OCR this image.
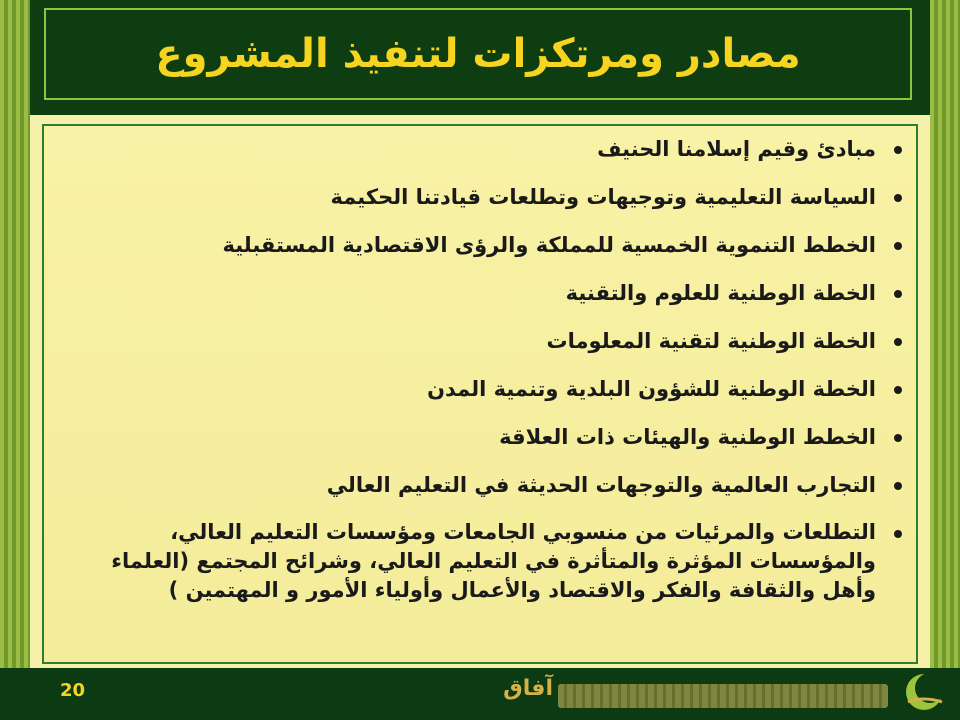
مصادر ومرتكزات لتنفيذ المشروع
مبادئ وقيم إسلامنا الحنيف
السياسة التعليمية وتوجيهات وتطلعات قيادتنا الحكيمة
الخطط التنموية الخمسية للمملكة والرؤى الاقتصادية المستقبلية
الخطة الوطنية للعلوم والتقنية
الخطة الوطنية لتقنية المعلومات
الخطة الوطنية للشؤون البلدية وتنمية المدن
الخطط الوطنية والهيئات ذات العلاقة
التجارب العالمية والتوجهات الحديثة في التعليم العالي
التطلعات والمرئيات من منسوبي الجامعات ومؤسسات التعليم العالي، والمؤسسات المؤثرة والمتأثرة في التعليم العالي، وشرائح المجتمع (العلماء وأهل والثقافة والفكر والاقتصاد والأعمال وأولياء الأمور و المهتمين )
20	آفاق
